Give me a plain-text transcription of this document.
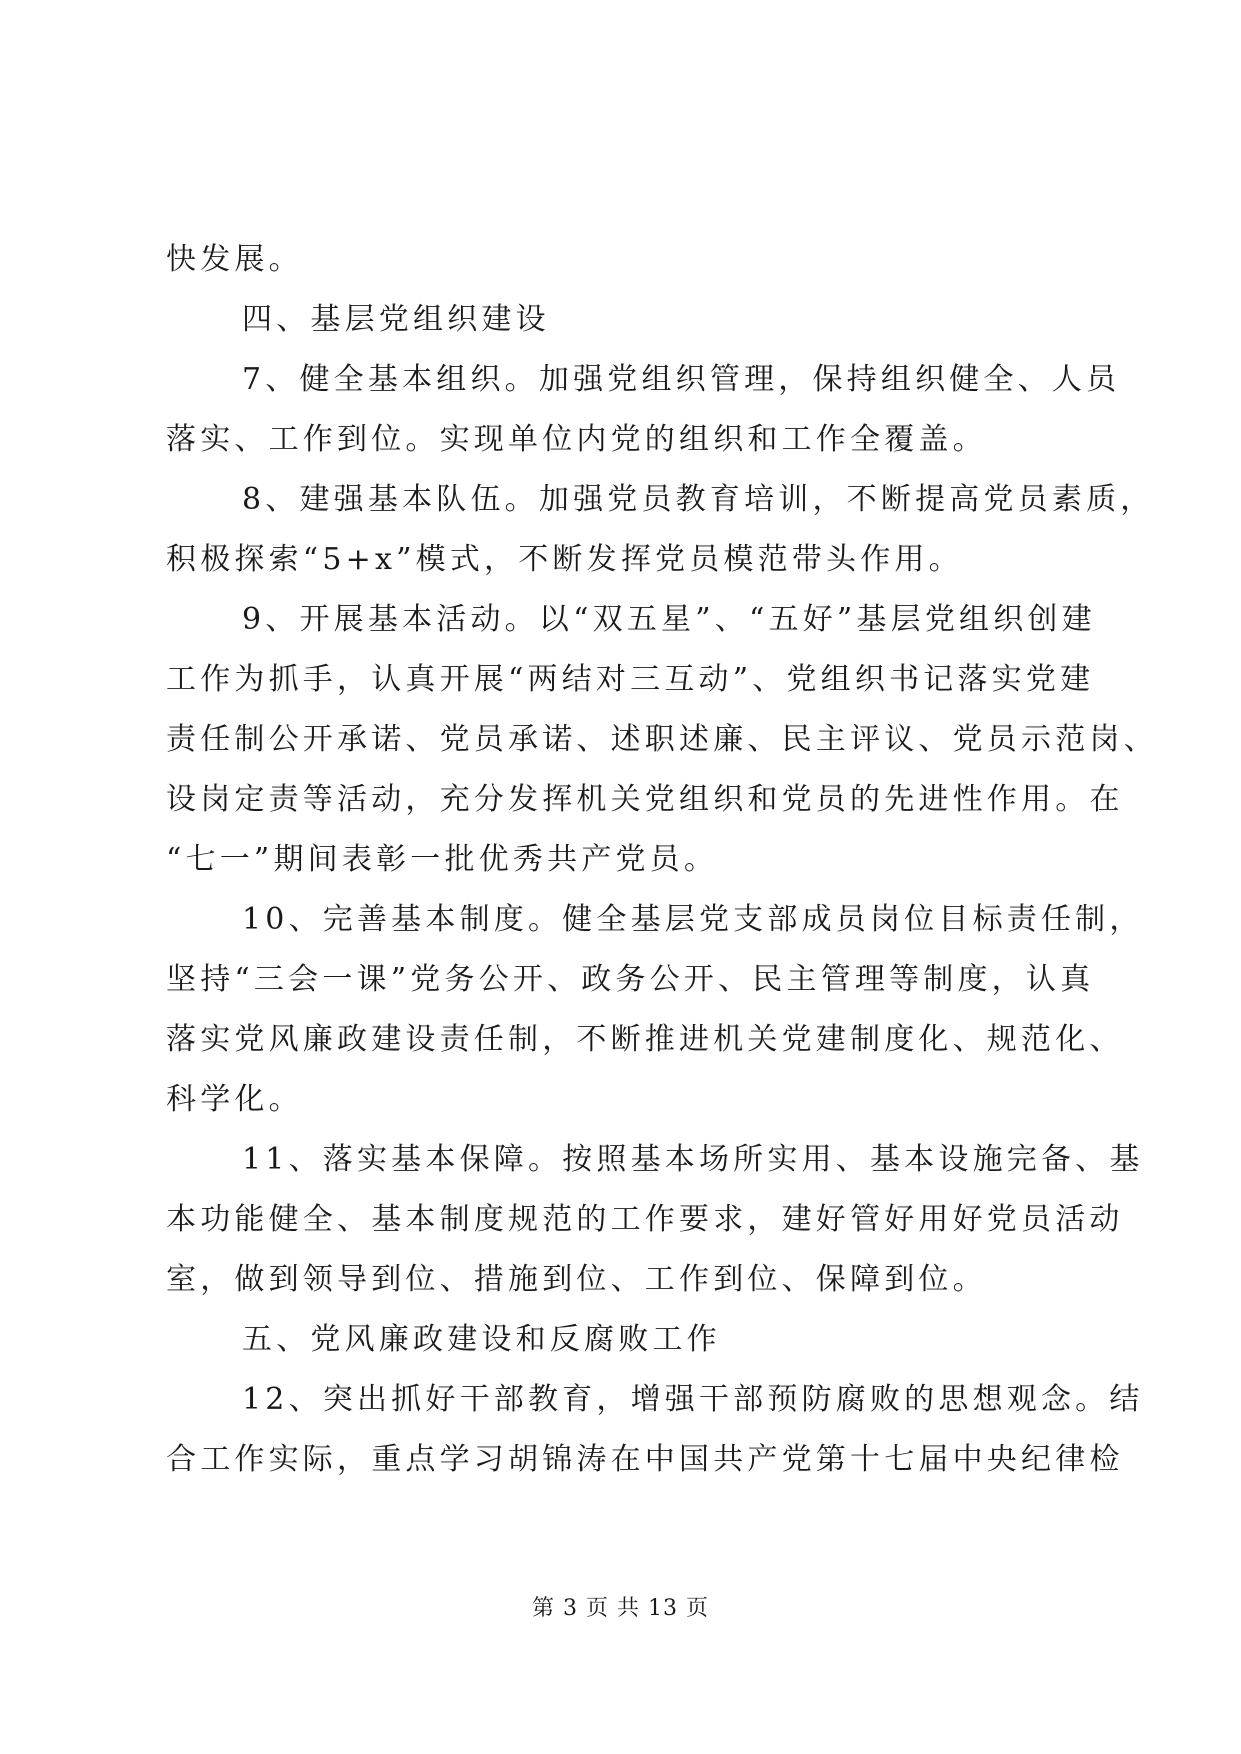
快发展。
四、基层党组织建设
7、健全基本组织。加强党组织管理，保持组织健全、人员
落实、工作到位。实现单位内党的组织和工作全覆盖。
8、建强基本队伍。加强党员教育培训，不断提高党员素质，
积极探索“5+x”模式，不断发挥党员模范带头作用。
9、开展基本活动。以“双五星”、“五好”基层党组织创建
工作为抓手，认真开展“两结对三互动”、党组织书记落实党建
责任制公开承诺、党员承诺、述职述廉、民主评议、党员示范岗、
设岗定责等活动，充分发挥机关党组织和党员的先进性作用。在
“七一”期间表彰一批优秀共产党员。
10、完善基本制度。健全基层党支部成员岗位目标责任制，
坚持“三会一课”党务公开、政务公开、民主管理等制度，认真
落实党风廉政建设责任制，不断推进机关党建制度化、规范化、
科学化。
11、落实基本保障。按照基本场所实用、基本设施完备、基
本功能健全、基本制度规范的工作要求，建好管好用好党员活动
室，做到领导到位、措施到位、工作到位、保障到位。
五、党风廉政建设和反腐败工作
12、突出抓好干部教育，增强干部预防腐败的思想观念。结
合工作实际，重点学习胡锦涛在中国共产党第十七届中央纪律检
第 3 页 共 13 页
